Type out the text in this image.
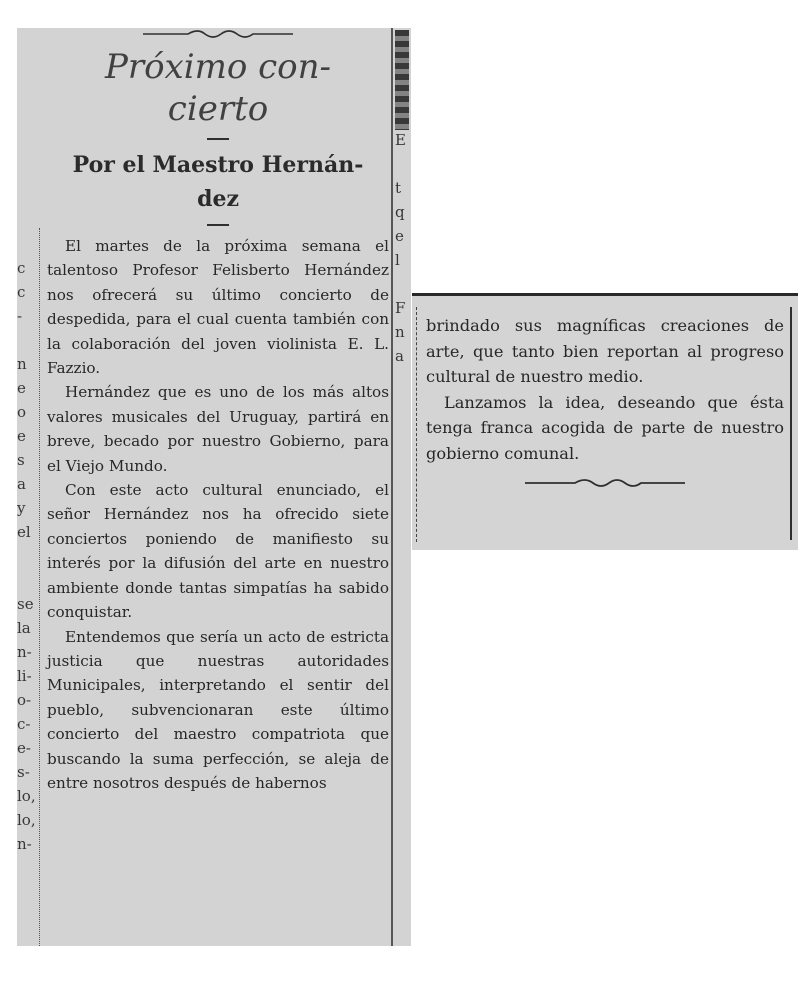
c
c
-

n
e
o
e
s
a
y
el

se
la
n-
li-
o-
c-
e-
s-
lo,
lo,
n-
E

t
q
e
l

F
n
a
Próximo con-
cierto
Por el Maestro Hernán-
dez

El martes de la próxima semana el talentoso Profesor Felisberto Hernández nos ofrecerá su último concierto de despedida, para el cual cuenta también con la colaboración del joven violinista E. L. Fazzio.

Hernández que es uno de los más altos valores musicales del Uruguay, partirá en breve, becado por nuestro Gobierno, para el Viejo Mundo.

Con este acto cultural enunciado, el señor Hernández nos ha ofrecido siete conciertos poniendo de manifiesto su interés por la difusión del arte en nuestro ambiente donde tantas simpatías ha sabido conquistar.

Entendemos que sería un acto de estricta justicia que nuestras autoridades Municipales, interpretando el sentir del pueblo, subvencionaran este último concierto del maestro compatriota que buscando la suma perfección, se aleja de entre nosotros después de habernos

brindado sus magníficas creaciones de arte, que tanto bien reportan al progreso cultural de nuestro medio.

Lanzamos la idea, deseando que ésta tenga franca acogida de parte de nuestro gobierno comunal.
